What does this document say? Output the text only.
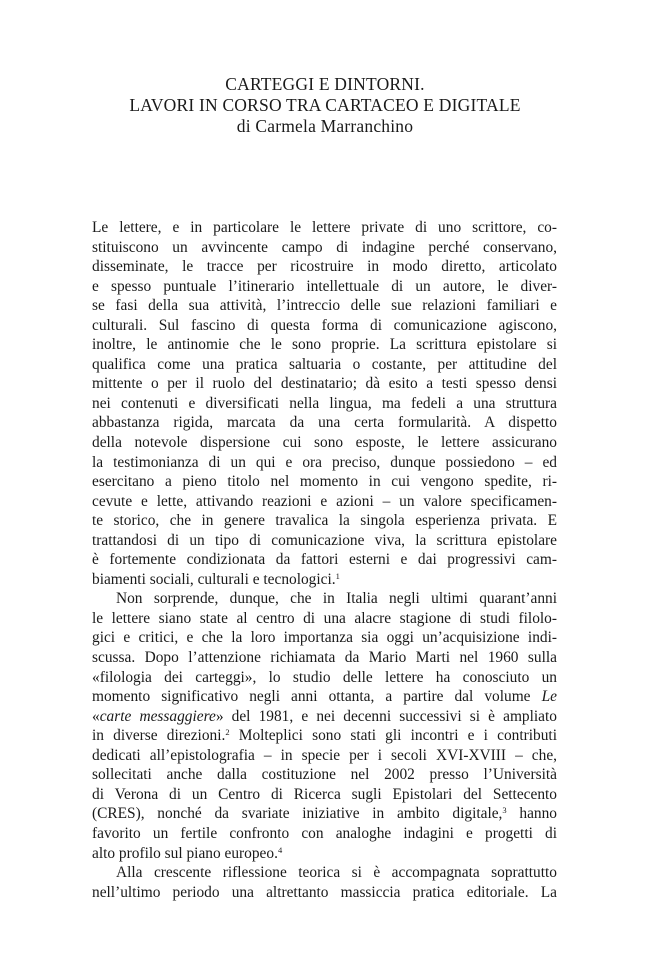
CARTEGGI E DINTORNI.
LAVORI IN CORSO TRA CARTACEO E DIGITALE
di Carmela Marranchino

Le lettere, e in particolare le lettere private di uno scrittore, co-
stituiscono un avvincente campo di indagine perché conservano,
disseminate, le tracce per ricostruire in modo diretto, articolato
e spesso puntuale l’itinerario intellettuale di un autore, le diver-
se fasi della sua attività, l’intreccio delle sue relazioni familiari e
culturali. Sul fascino di questa forma di comunicazione agiscono,
inoltre, le antinomie che le sono proprie. La scrittura epistolare si
qualifica come una pratica saltuaria o costante, per attitudine del
mittente o per il ruolo del destinatario; dà esito a testi spesso densi
nei contenuti e diversificati nella lingua, ma fedeli a una struttura
abbastanza rigida, marcata da una certa formularità. A dispetto
della notevole dispersione cui sono esposte, le lettere assicurano
la testimonianza di un qui e ora preciso, dunque possiedono – ed
esercitano a pieno titolo nel momento in cui vengono spedite, ri-
cevute e lette, attivando reazioni e azioni – un valore specificamen-
te storico, che in genere travalica la singola esperienza privata. E
trattandosi di un tipo di comunicazione viva, la scrittura epistolare
è fortemente condizionata da fattori esterni e dai progressivi cam-
biamenti sociali, culturali e tecnologici.$^1$

Non sorprende, dunque, che in Italia negli ultimi quarant’anni
le lettere siano state al centro di una alacre stagione di studi filolo-
gici e critici, e che la loro importanza sia oggi un’acquisizione indi-
scussa. Dopo l’attenzione richiamata da Mario Marti nel 1960 sulla
«filologia dei carteggi», lo studio delle lettere ha conosciuto un
momento significativo negli anni ottanta, a partire dal volume Le
«carte messaggiere» del 1981, e nei decenni successivi si è ampliato
in diverse direzioni.$^2$ Molteplici sono stati gli incontri e i contributi
dedicati all’epistolografia – in specie per i secoli XVI-XVIII – che,
sollecitati anche dalla costituzione nel 2002 presso l’Università
di Verona di un Centro di Ricerca sugli Epistolari del Settecento
(CRES), nonché da svariate iniziative in ambito digitale,$^3$ hanno
favorito un fertile confronto con analoghe indagini e progetti di
alto profilo sul piano europeo.$^4$

Alla crescente riflessione teorica si è accompagnata soprattutto
nell’ultimo periodo una altrettanto massiccia pratica editoriale. La
